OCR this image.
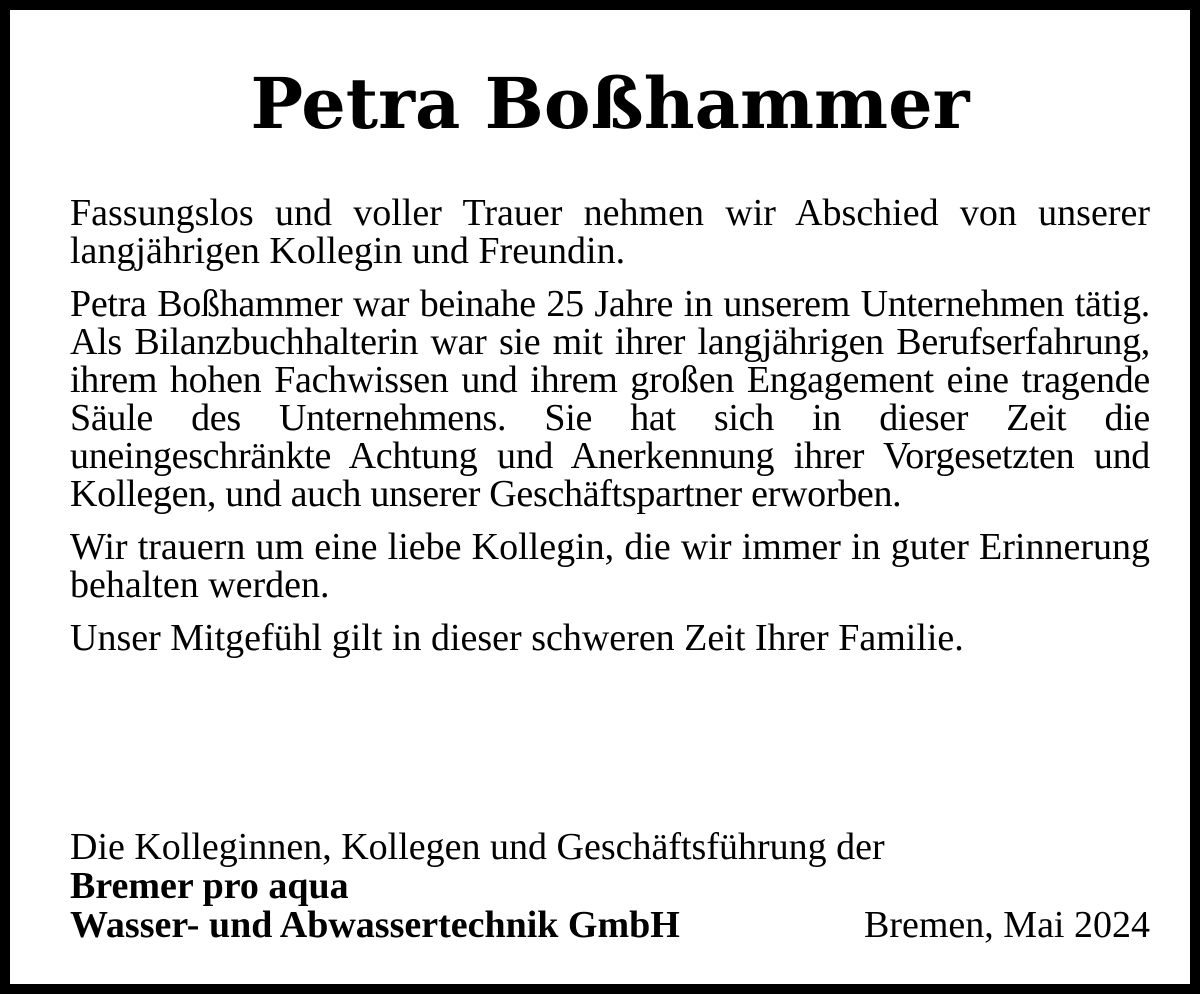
Petra Boßhammer

Fassungslos und voller Trauer nehmen wir Abschied von unserer langjährigen Kollegin und Freundin.

Petra Boßhammer war beinahe 25 Jahre in unserem Unternehmen tätig. Als Bilanzbuchhalterin war sie mit ihrer langjährigen Berufserfahrung, ihrem hohen Fachwissen und ihrem großen Engagement eine tragende Säule des Unternehmens. Sie hat sich in dieser Zeit die uneingeschränkte Achtung und Anerkennung ihrer Vorgesetzten und Kollegen, und auch unserer Geschäftspartner erworben.

Wir trauern um eine liebe Kollegin, die wir immer in guter Erinnerung behalten werden.

Unser Mitgefühl gilt in dieser schweren Zeit Ihrer Familie.

Die Kolleginnen, Kollegen und Geschäftsführung der

Bremer pro aqua

Wasser- und Abwassertechnik GmbH	Bremen, Mai 2024
